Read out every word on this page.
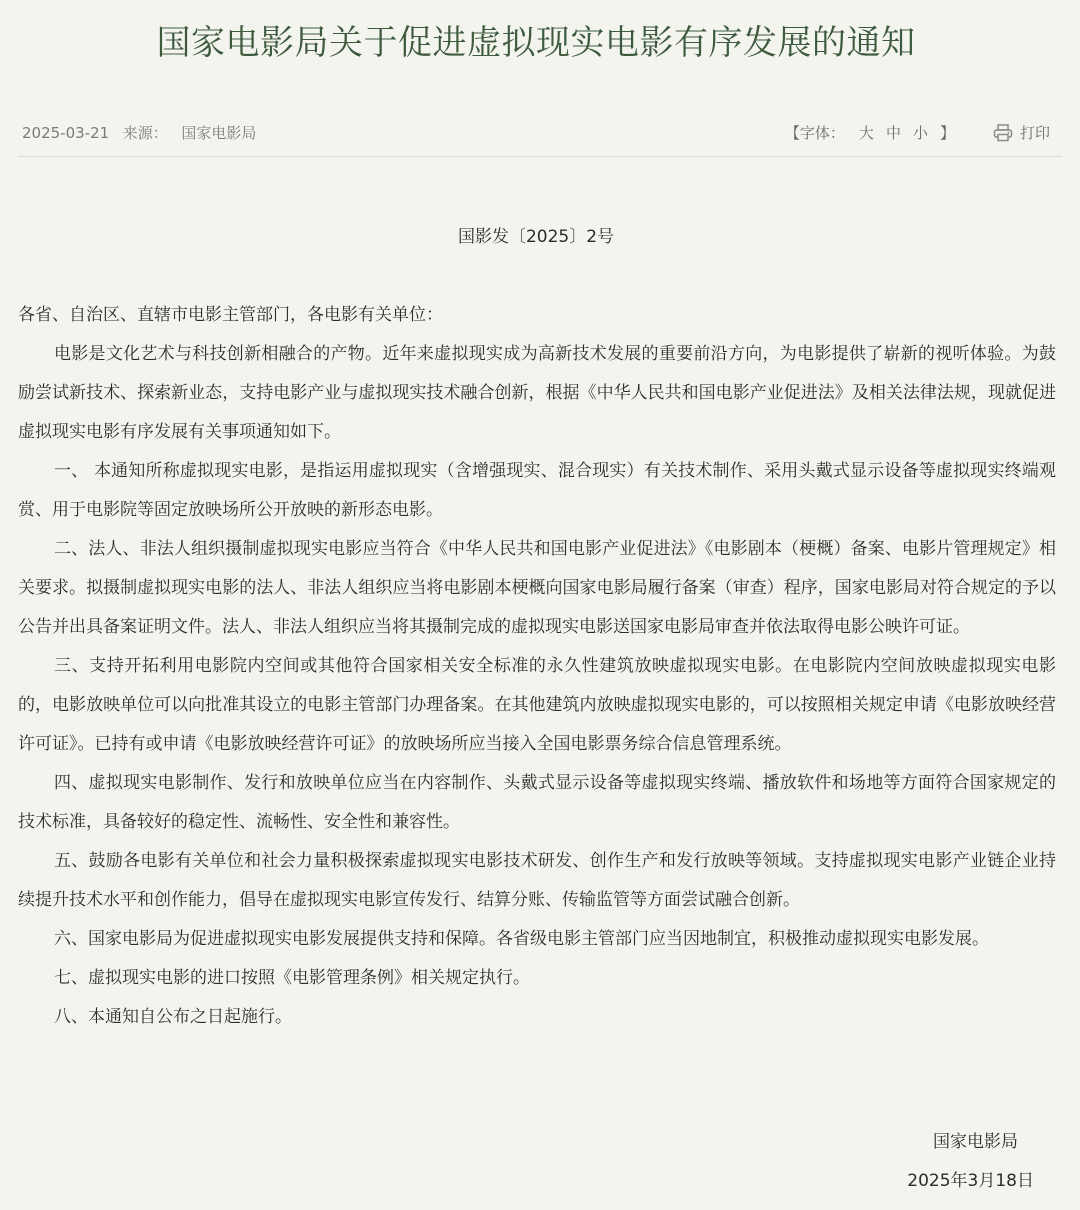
国家电影局关于促进虚拟现实电影有序发展的通知
2025-03-21 来源： 国家电影局	【字体： 大 中 小 】	打印
国影发〔2025〕2号

各省、自治区、直辖市电影主管部门，各电影有关单位：

电影是文化艺术与科技创新相融合的产物。近年来虚拟现实成为高新技术发展的重要前沿方向，为电影提供了崭新的视听体验。为鼓励尝试新技术、探索新业态，支持电影产业与虚拟现实技术融合创新，根据《中华人民共和国电影产业促进法》及相关法律法规，现就促进虚拟现实电影有序发展有关事项通知如下。

一、 本通知所称虚拟现实电影，是指运用虚拟现实（含增强现实、混合现实）有关技术制作、采用头戴式显示设备等虚拟现实终端观赏、用于电影院等固定放映场所公开放映的新形态电影。

二、法人、非法人组织摄制虚拟现实电影应当符合《中华人民共和国电影产业促进法》《电影剧本（梗概）备案、电影片管理规定》相关要求。拟摄制虚拟现实电影的法人、非法人组织应当将电影剧本梗概向国家电影局履行备案（审查）程序，国家电影局对符合规定的予以公告并出具备案证明文件。法人、非法人组织应当将其摄制完成的虚拟现实电影送国家电影局审查并依法取得电影公映许可证。

三、支持开拓利用电影院内空间或其他符合国家相关安全标准的永久性建筑放映虚拟现实电影。在电影院内空间放映虚拟现实电影的，电影放映单位可以向批准其设立的电影主管部门办理备案。在其他建筑内放映虚拟现实电影的，可以按照相关规定申请《电影放映经营许可证》。已持有或申请《电影放映经营许可证》的放映场所应当接入全国电影票务综合信息管理系统。

四、虚拟现实电影制作、发行和放映单位应当在内容制作、头戴式显示设备等虚拟现实终端、播放软件和场地等方面符合国家规定的技术标准，具备较好的稳定性、流畅性、安全性和兼容性。

五、鼓励各电影有关单位和社会力量积极探索虚拟现实电影技术研发、创作生产和发行放映等领域。支持虚拟现实电影产业链企业持续提升技术水平和创作能力，倡导在虚拟现实电影宣传发行、结算分账、传输监管等方面尝试融合创新。

六、国家电影局为促进虚拟现实电影发展提供支持和保障。各省级电影主管部门应当因地制宜，积极推动虚拟现实电影发展。

七、虚拟现实电影的进口按照《电影管理条例》相关规定执行。

八、本通知自公布之日起施行。

国家电影局
2025年3月18日
